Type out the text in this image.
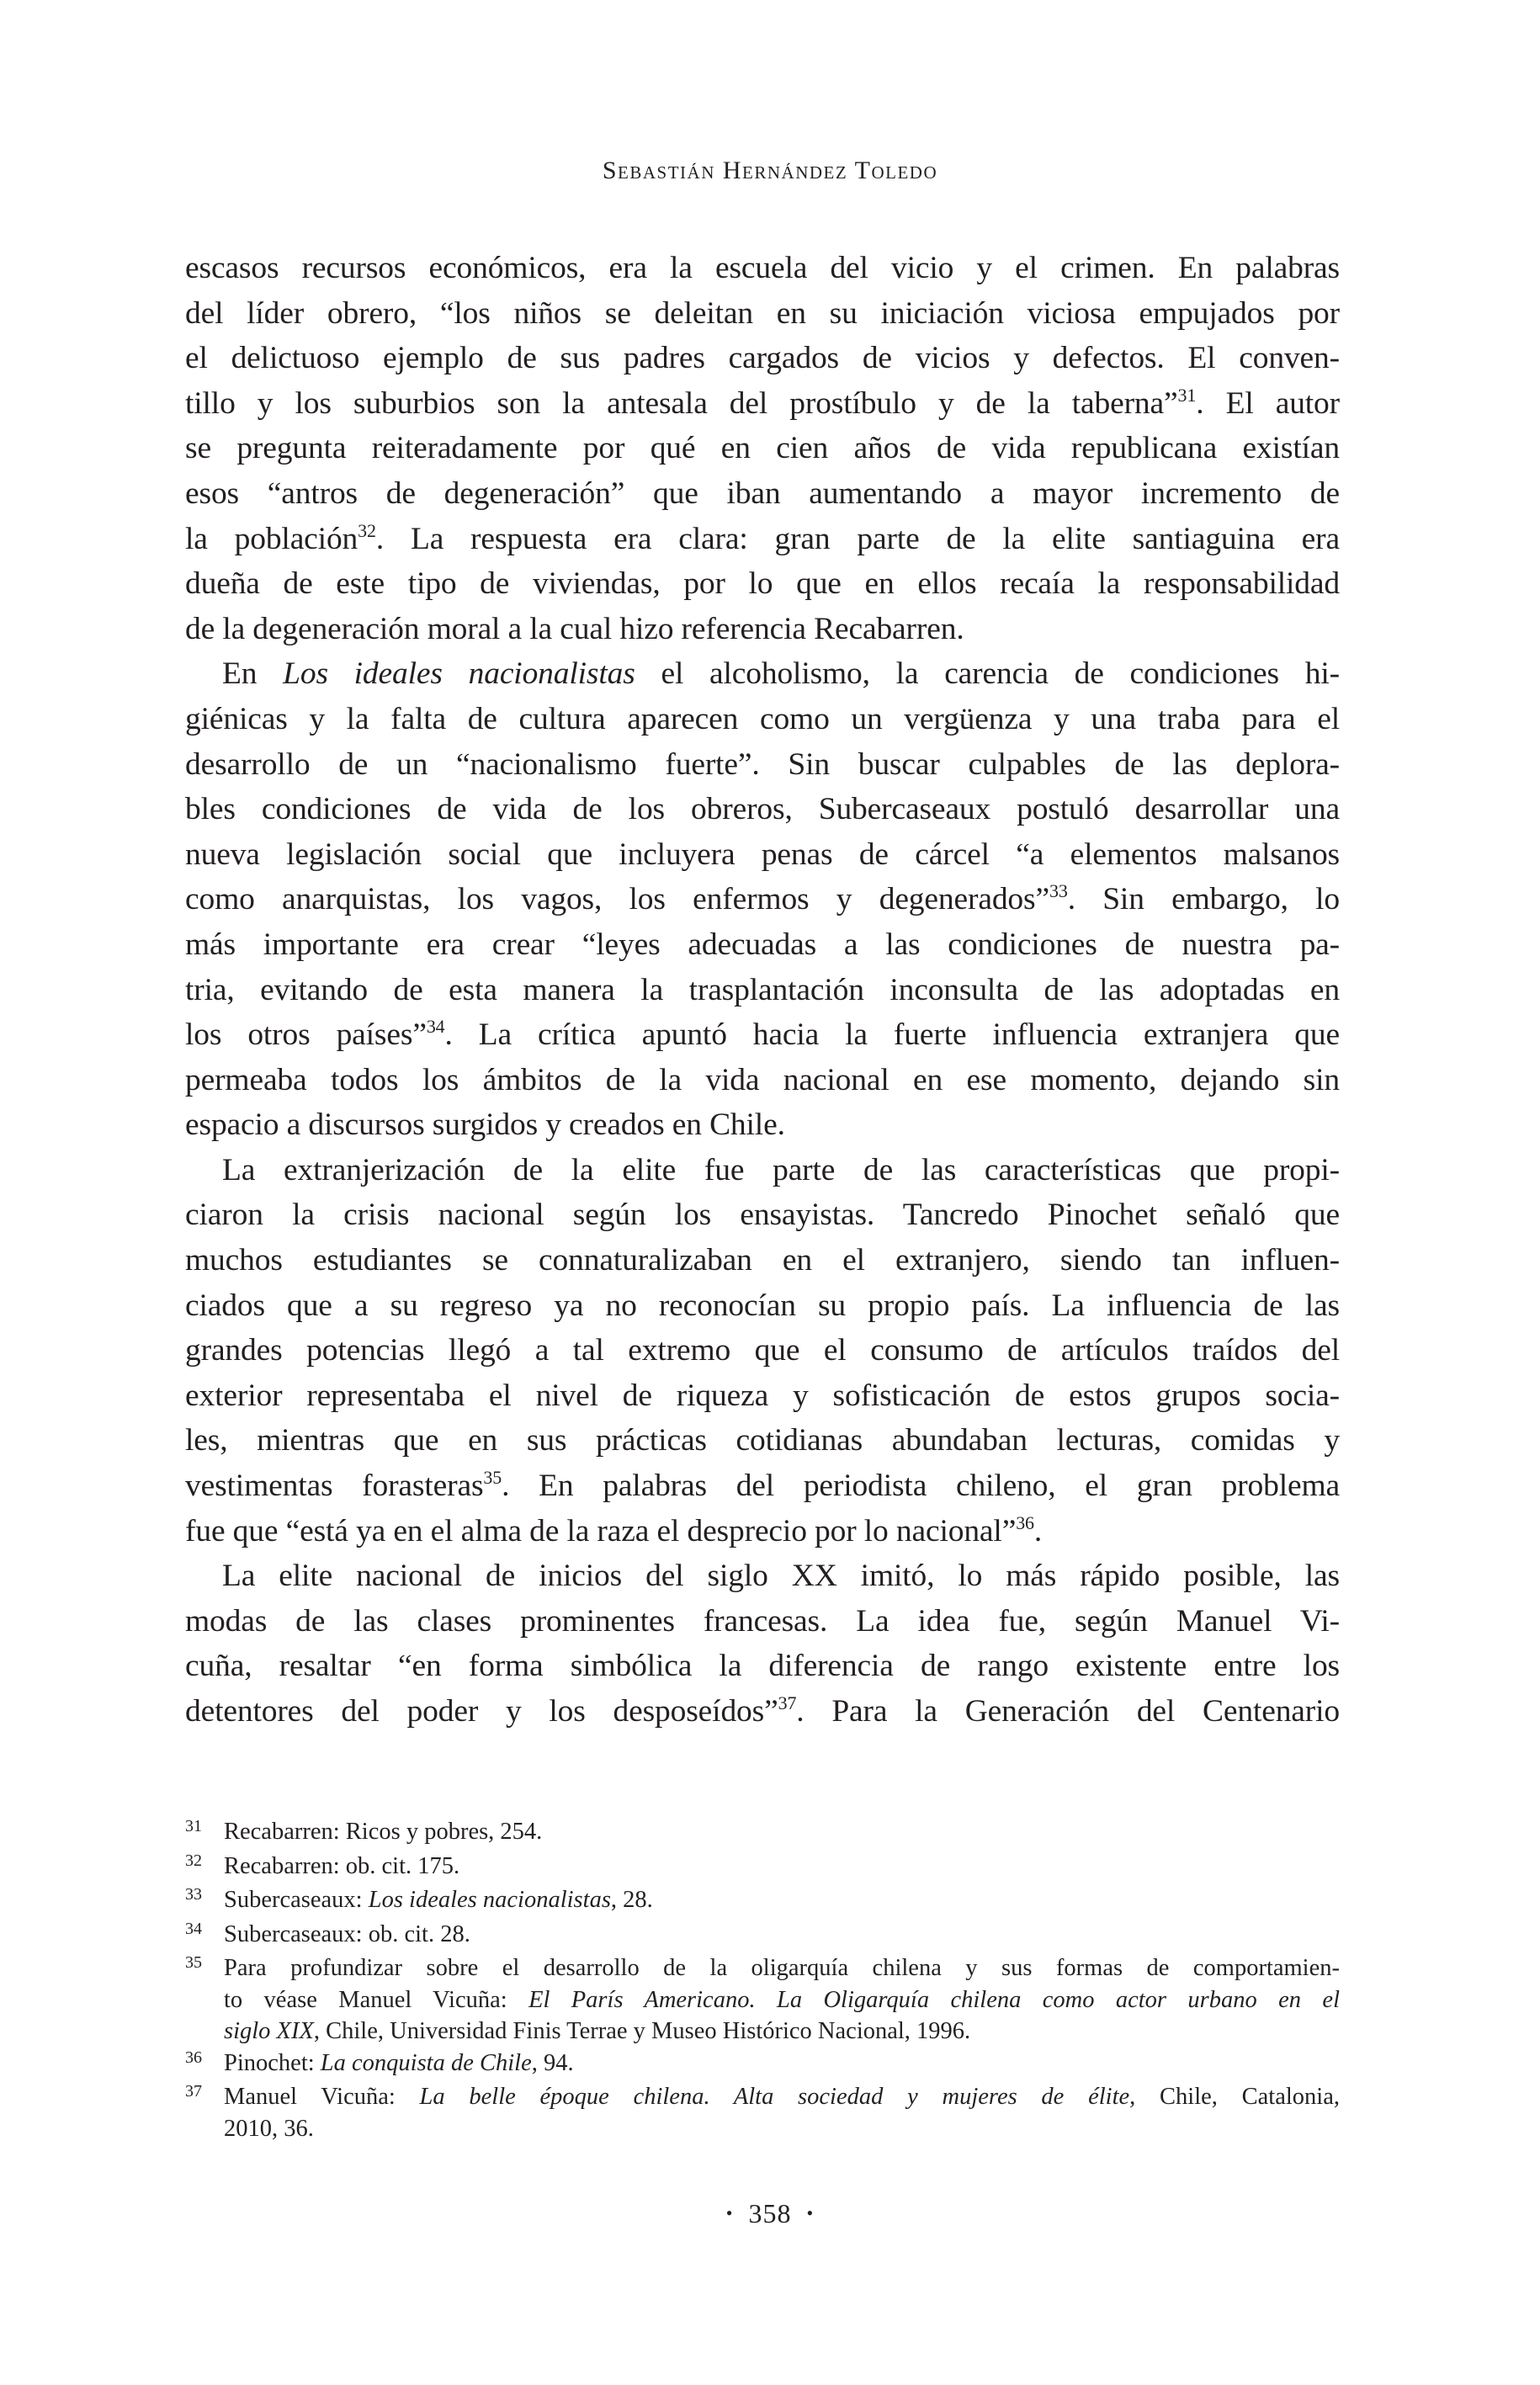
Sebastián Hernández Toledo

escasos recursos económicos, era la escuela del vicio y el crimen. En palabras
del líder obrero, “los niños se deleitan en su iniciación viciosa empujados por
el delictuoso ejemplo de sus padres cargados de vicios y defectos. El conven-
tillo y los suburbios son la antesala del prostíbulo y de la taberna”$^{31}$. El autor
se pregunta reiteradamente por qué en cien años de vida republicana existían
esos “antros de degeneración” que iban aumentando a mayor incremento de
la población$^{32}$. La respuesta era clara: gran parte de la elite santiaguina era
dueña de este tipo de viviendas, por lo que en ellos recaía la responsabilidad
de la degeneración moral a la cual hizo referencia Recabarren.

En Los ideales nacionalistas el alcoholismo, la carencia de condiciones hi-
giénicas y la falta de cultura aparecen como un vergüenza y una traba para el
desarrollo de un “nacionalismo fuerte”. Sin buscar culpables de las deplora-
bles condiciones de vida de los obreros, Subercaseaux postuló desarrollar una
nueva legislación social que incluyera penas de cárcel “a elementos malsanos
como anarquistas, los vagos, los enfermos y degenerados”$^{33}$. Sin embargo, lo
más importante era crear “leyes adecuadas a las condiciones de nuestra pa-
tria, evitando de esta manera la trasplantación inconsulta de las adoptadas en
los otros países”$^{34}$. La crítica apuntó hacia la fuerte influencia extranjera que
permeaba todos los ámbitos de la vida nacional en ese momento, dejando sin
espacio a discursos surgidos y creados en Chile.

La extranjerización de la elite fue parte de las características que propi-
ciaron la crisis nacional según los ensayistas. Tancredo Pinochet señaló que
muchos estudiantes se connaturalizaban en el extranjero, siendo tan influen-
ciados que a su regreso ya no reconocían su propio país. La influencia de las
grandes potencias llegó a tal extremo que el consumo de artículos traídos del
exterior representaba el nivel de riqueza y sofisticación de estos grupos socia-
les, mientras que en sus prácticas cotidianas abundaban lecturas, comidas y
vestimentas forasteras$^{35}$. En palabras del periodista chileno, el gran problema
fue que “está ya en el alma de la raza el desprecio por lo nacional”$^{36}$.

La elite nacional de inicios del siglo XX imitó, lo más rápido posible, las
modas de las clases prominentes francesas. La idea fue, según Manuel Vi-
cuña, resaltar “en forma simbólica la diferencia de rango existente entre los
detentores del poder y los desposeídos”$^{37}$. Para la Generación del Centenario

31 Recabarren: Ricos y pobres, 254.
32 Recabarren: ob. cit. 175.
33 Subercaseaux: Los ideales nacionalistas, 28.
34 Subercaseaux: ob. cit. 28.
35 Para profundizar sobre el desarrollo de la oligarquía chilena y sus formas de comportamien-
to véase Manuel Vicuña: El París Americano. La Oligarquía chilena como actor urbano en el
siglo XIX, Chile, Universidad Finis Terrae y Museo Histórico Nacional, 1996.
36 Pinochet: La conquista de Chile, 94.
37 Manuel Vicuña: La belle époque chilena. Alta sociedad y mujeres de élite, Chile, Catalonia,
2010, 36.
• 358 •
